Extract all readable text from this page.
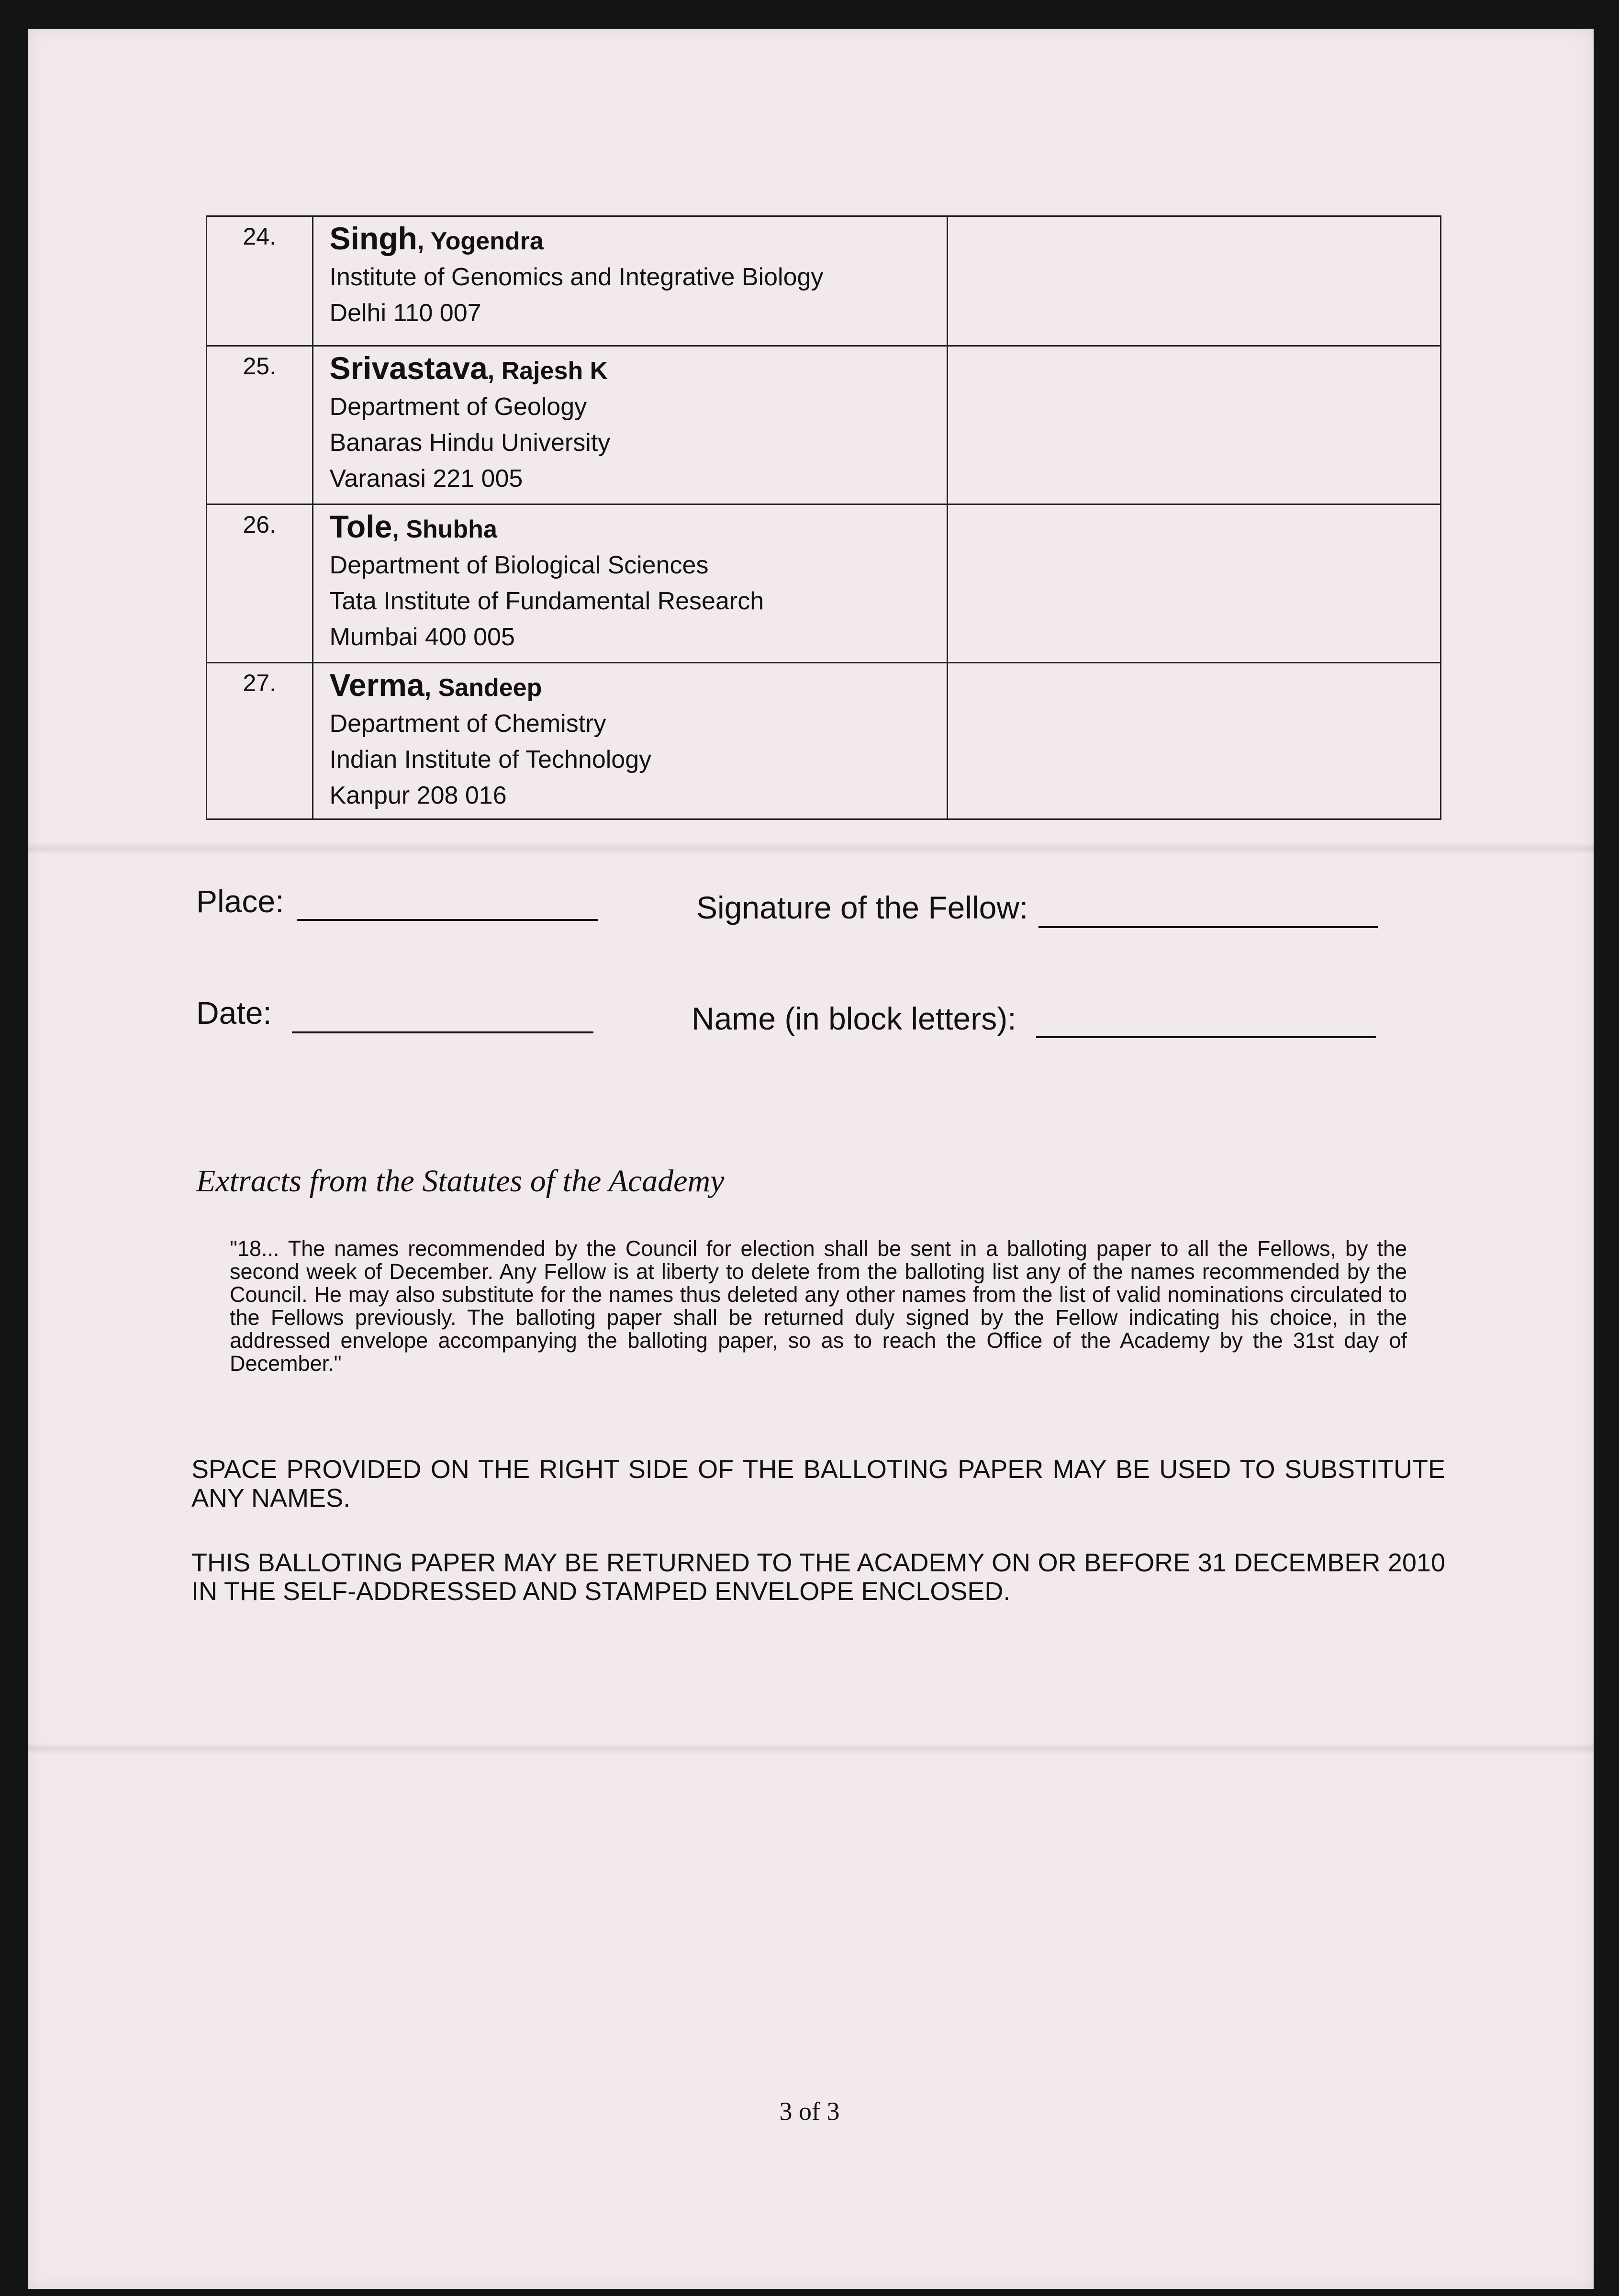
24.	Singh, Yogendra
Institute of Genomics and Integrative Biology
Delhi 110 007	

25.	Srivastava, Rajesh K
Department of Geology
Banaras Hindu University
Varanasi 221 005	

26.	Tole, Shubha
Department of Biological Sciences
Tata Institute of Fundamental Research
Mumbai 400 005	

27.	Verma, Sandeep
Department of Chemistry
Indian Institute of Technology
Kanpur 208 016	

Place:	Signature of the Fellow:
Date:	Name (in block letters):
Extracts from the Statutes of the Academy
"18... The names recommended by the Council for election shall be sent in a balloting paper to all the Fellows, by the second week of December. Any Fellow is at liberty to delete from the balloting list any of the names recommended by the Council. He may also substitute for the names thus deleted any other names from the list of valid nominations circulated to the Fellows previously. The balloting paper shall be returned duly signed by the Fellow indicating his choice, in the addressed envelope accompanying the balloting paper, so as to reach the Office of the Academy by the 31st day of December."
SPACE PROVIDED ON THE RIGHT SIDE OF THE BALLOTING PAPER MAY BE USED TO SUBSTITUTE ANY NAMES.
THIS BALLOTING PAPER MAY BE RETURNED TO THE ACADEMY ON OR BEFORE 31 DECEMBER 2010 IN THE SELF-ADDRESSED AND STAMPED ENVELOPE ENCLOSED.
3 of 3
